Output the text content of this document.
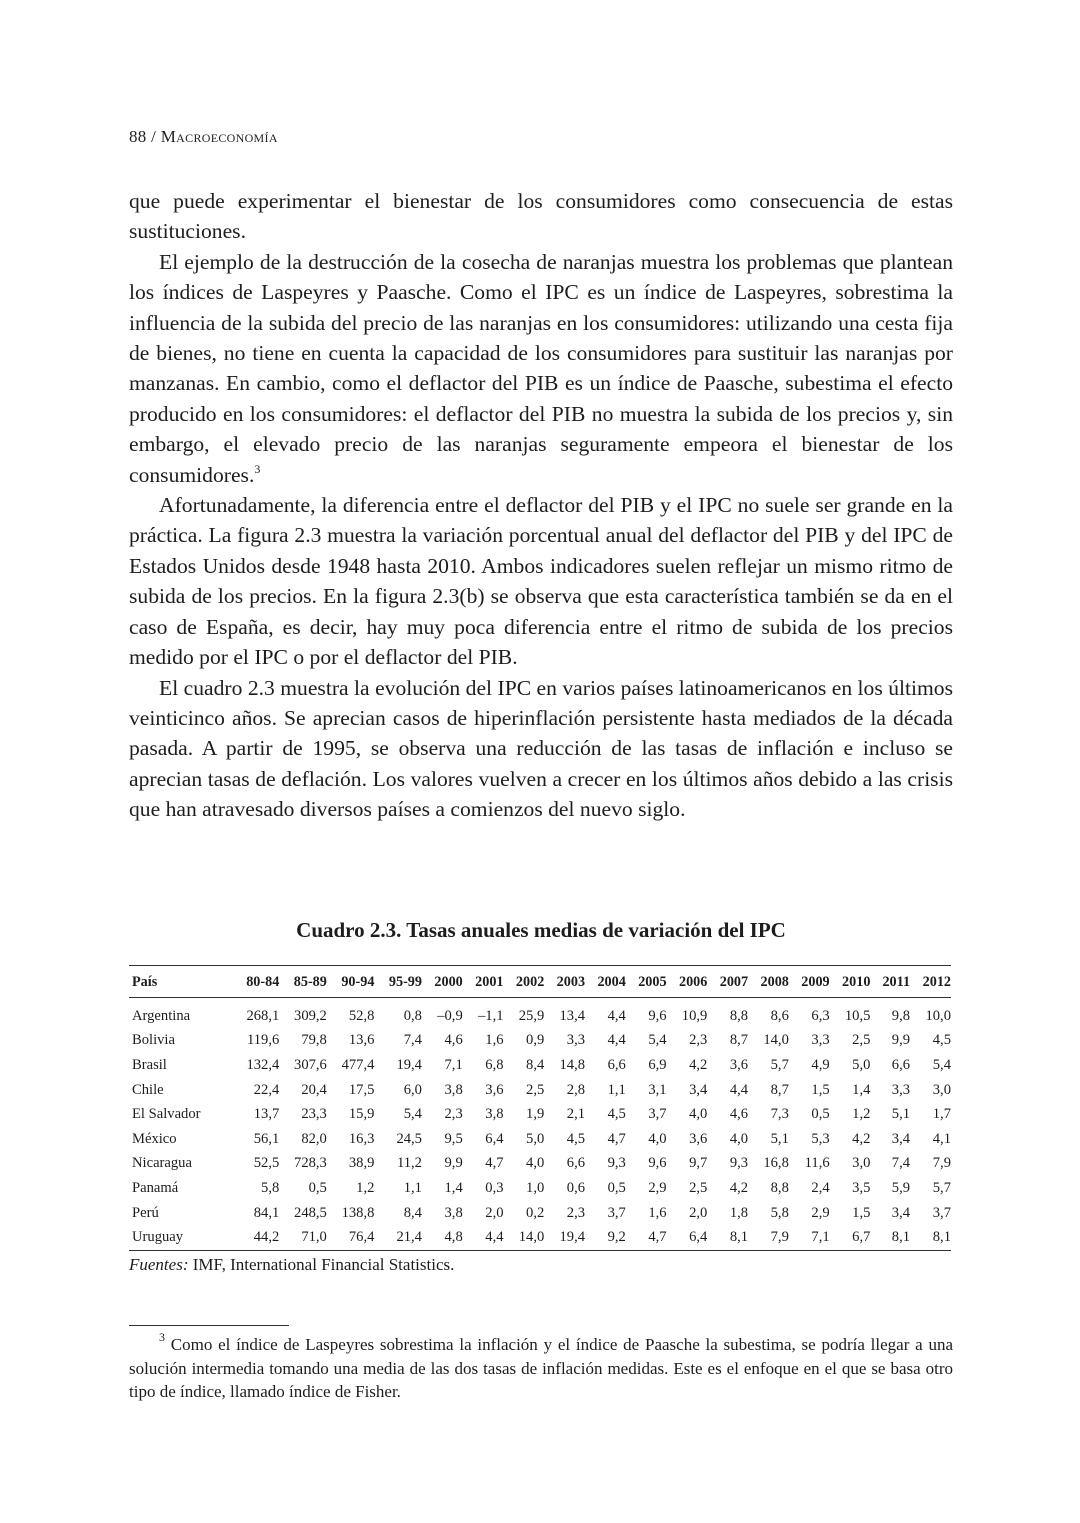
88 / Macroeconomía

que puede experimentar el bienestar de los consumidores como consecuencia de estas sustituciones.

El ejemplo de la destrucción de la cosecha de naranjas muestra los problemas que plantean los índices de Laspeyres y Paasche. Como el IPC es un índice de Laspeyres, sobrestima la influencia de la subida del precio de las naranjas en los consumidores: utilizando una cesta fija de bienes, no tiene en cuenta la capacidad de los consumidores para sustituir las naranjas por manzanas. En cambio, como el deflactor del PIB es un índice de Paasche, subestima el efecto producido en los consumidores: el deflactor del PIB no muestra la subida de los precios y, sin embargo, el elevado precio de las naranjas seguramente empeora el bienestar de los consumidores.$^3$

Afortunadamente, la diferencia entre el deflactor del PIB y el IPC no suele ser grande en la práctica. La figura 2.3 muestra la variación porcentual anual del deflactor del PIB y del IPC de Estados Unidos desde 1948 hasta 2010. Ambos indicadores suelen reflejar un mismo ritmo de subida de los precios. En la figura 2.3(b) se observa que esta característica también se da en el caso de España, es decir, hay muy poca diferencia entre el ritmo de subida de los precios medido por el IPC o por el deflactor del PIB.

El cuadro 2.3 muestra la evolución del IPC en varios países latinoamericanos en los últimos veinticinco años. Se aprecian casos de hiperinflación persistente hasta mediados de la década pasada. A partir de 1995, se observa una reducción de las tasas de inflación e incluso se aprecian tasas de deflación. Los valores vuelven a crecer en los últimos años debido a las crisis que han atravesado diversos países a comienzos del nuevo siglo.

Cuadro 2.3. Tasas anuales medias de variación del IPC
País	80-84	85-89	90-94	95-99	2000	2001	2002	2003	2004	2005	2006	2007	2008	2009	2010	2011	2012
Argentina	268,1	309,2	52,8	0,8	–0,9	–1,1	25,9	13,4	4,4	9,6	10,9	8,8	8,6	6,3	10,5	9,8	10,0
Bolivia	119,6	79,8	13,6	7,4	4,6	1,6	0,9	3,3	4,4	5,4	2,3	8,7	14,0	3,3	2,5	9,9	4,5
Brasil	132,4	307,6	477,4	19,4	7,1	6,8	8,4	14,8	6,6	6,9	4,2	3,6	5,7	4,9	5,0	6,6	5,4
Chile	22,4	20,4	17,5	6,0	3,8	3,6	2,5	2,8	1,1	3,1	3,4	4,4	8,7	1,5	1,4	3,3	3,0
El Salvador	13,7	23,3	15,9	5,4	2,3	3,8	1,9	2,1	4,5	3,7	4,0	4,6	7,3	0,5	1,2	5,1	1,7
México	56,1	82,0	16,3	24,5	9,5	6,4	5,0	4,5	4,7	4,0	3,6	4,0	5,1	5,3	4,2	3,4	4,1
Nicaragua	52,5	728,3	38,9	11,2	9,9	4,7	4,0	6,6	9,3	9,6	9,7	9,3	16,8	11,6	3,0	7,4	7,9
Panamá	5,8	0,5	1,2	1,1	1,4	0,3	1,0	0,6	0,5	2,9	2,5	4,2	8,8	2,4	3,5	5,9	5,7
Perú	84,1	248,5	138,8	8,4	3,8	2,0	0,2	2,3	3,7	1,6	2,0	1,8	5,8	2,9	1,5	3,4	3,7
Uruguay	44,2	71,0	76,4	21,4	4,8	4,4	14,0	19,4	9,2	4,7	6,4	8,1	7,9	7,1	6,7	8,1	8,1
Fuentes: IMF, International Financial Statistics.

$^3$ Como el índice de Laspeyres sobrestima la inflación y el índice de Paasche la subestima, se podría llegar a una solución intermedia tomando una media de las dos tasas de inflación medidas. Este es el enfoque en el que se basa otro tipo de índice, llamado índice de Fisher.
